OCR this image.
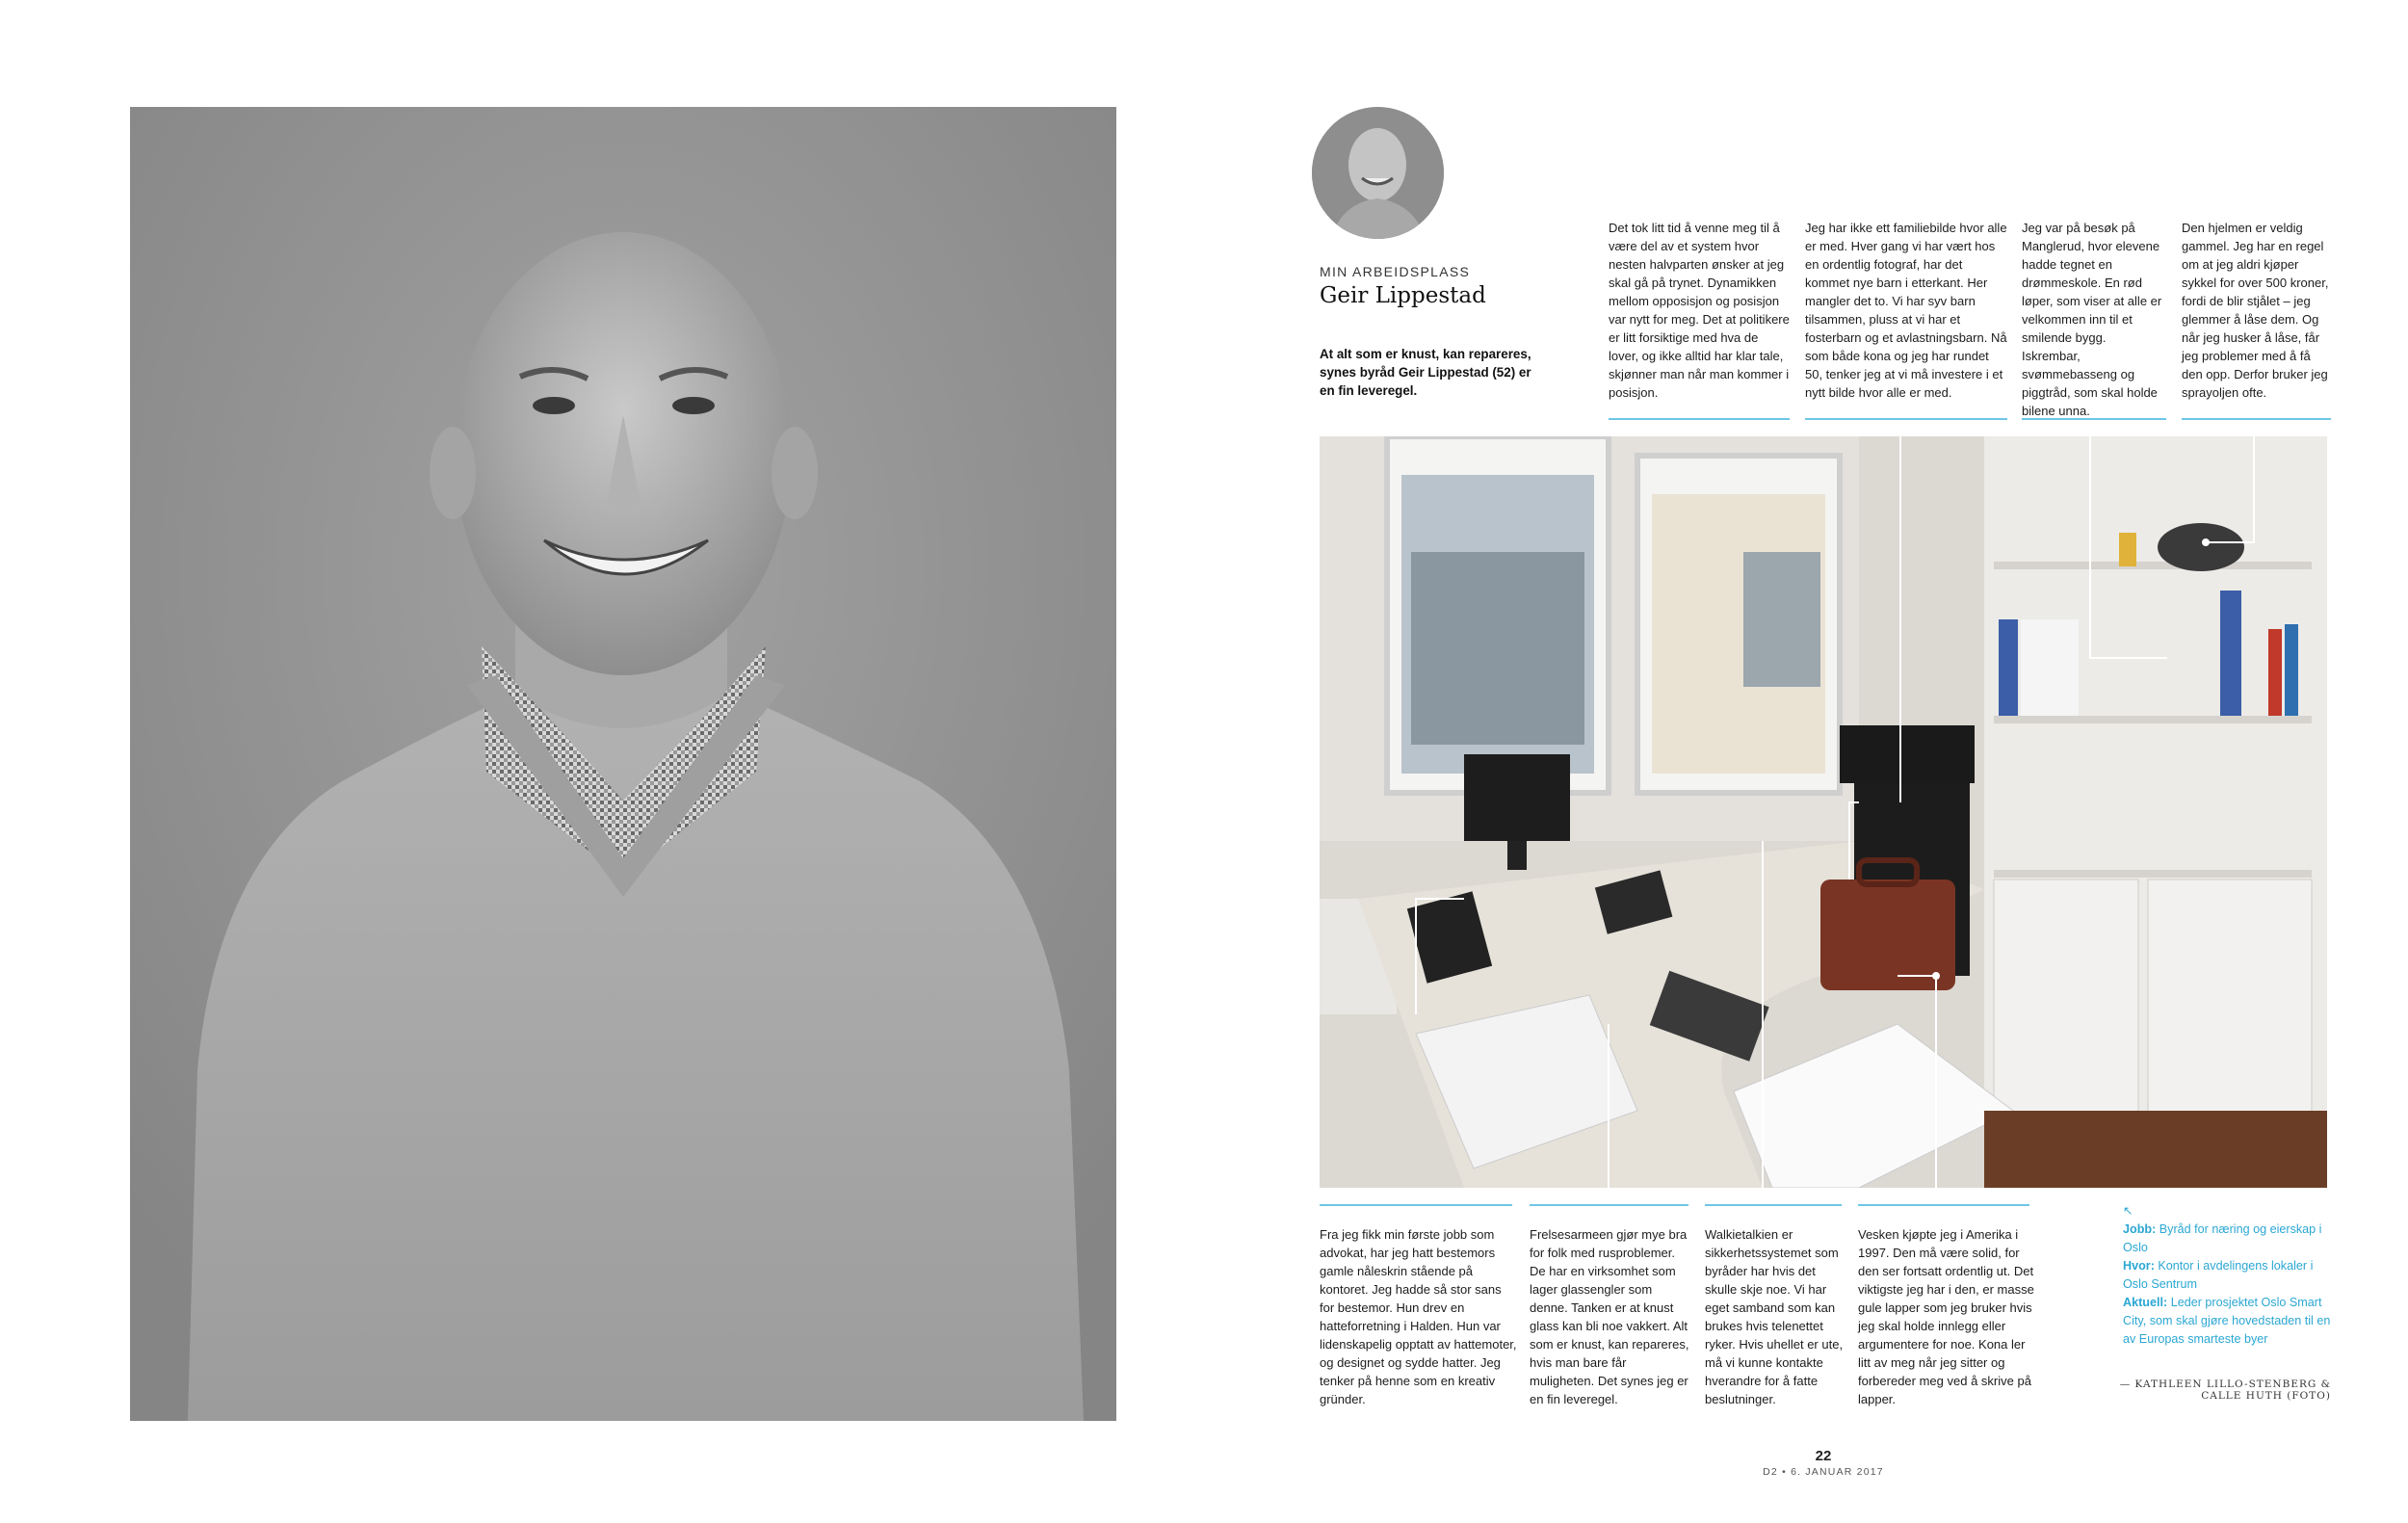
MIN ARBEIDSPLASS
Geir Lippestad
At alt som er knust, kan repareres, synes byråd Geir Lippestad (52) er en fin leveregel.

Det tok litt tid å venne meg til å være del av et system hvor nesten halvparten ønsker at jeg skal gå på trynet. Dynamikken mellom opposisjon og posisjon var nytt for meg. Det at politikere er litt forsiktige med hva de lover, og ikke alltid har klar tale, skjønner man når man kommer i posisjon.

Jeg har ikke ett familiebilde hvor alle er med. Hver gang vi har vært hos en ordentlig fotograf, har det kommet nye barn i etterkant. Her mangler det to. Vi har syv barn tilsammen, pluss at vi har et fosterbarn og et avlastningsbarn. Nå som både kona og jeg har rundet 50, tenker jeg at vi må investere i et nytt bilde hvor alle er med.

Jeg var på besøk på Manglerud, hvor elevene hadde tegnet en drømmeskole. En rød løper, som viser at alle er velkommen inn til et smilende bygg. Iskrembar, svømmebasseng og piggtråd, som skal holde bilene unna.

Den hjelmen er veldig gammel. Jeg har en regel om at jeg aldri kjøper sykkel for over 500 kroner, fordi de blir stjålet – jeg glemmer å låse dem. Og når jeg husker å låse, får jeg problemer med å få den opp. Derfor bruker jeg sprayoljen ofte.

Fra jeg fikk min første jobb som advokat, har jeg hatt bestemors gamle nåleskrin stående på kontoret. Jeg hadde så stor sans for bestemor. Hun drev en hatteforretning i Halden. Hun var lidenskapelig opptatt av hattemoter, og designet og sydde hatter. Jeg tenker på henne som en kreativ gründer.

Frelsesarmeen gjør mye bra for folk med rusproblemer. De har en virksomhet som lager glassengler som denne. Tanken er at knust glass kan bli noe vakkert. Alt som er knust, kan repareres, hvis man bare får muligheten. Det synes jeg er en fin leveregel.

Walkietalkien er sikkerhetssystemet som byråder har hvis det skulle skje noe. Vi har eget samband som kan brukes hvis telenettet ryker. Hvis uhellet er ute, må vi kunne kontakte hverandre for å fatte beslutninger.

Vesken kjøpte jeg i Amerika i 1997. Den må være solid, for den ser fortsatt ordentlig ut. Det viktigste jeg har i den, er masse gule lapper som jeg bruker hvis jeg skal holde innlegg eller argumentere for noe. Kona ler litt av meg når jeg sitter og forbereder meg ved å skrive på lapper.

↖
Jobb: Byråd for næring og eierskap i Oslo
Hvor: Kontor i avdelingens lokaler i Oslo Sentrum
Aktuell: Leder prosjektet Oslo Smart City, som skal gjøre hovedstaden til en av Europas smarteste byer
— KATHLEEN LILLO-STENBERG &
CALLE HUTH (FOTO)
22
D2 • 6. JANUAR 2017
